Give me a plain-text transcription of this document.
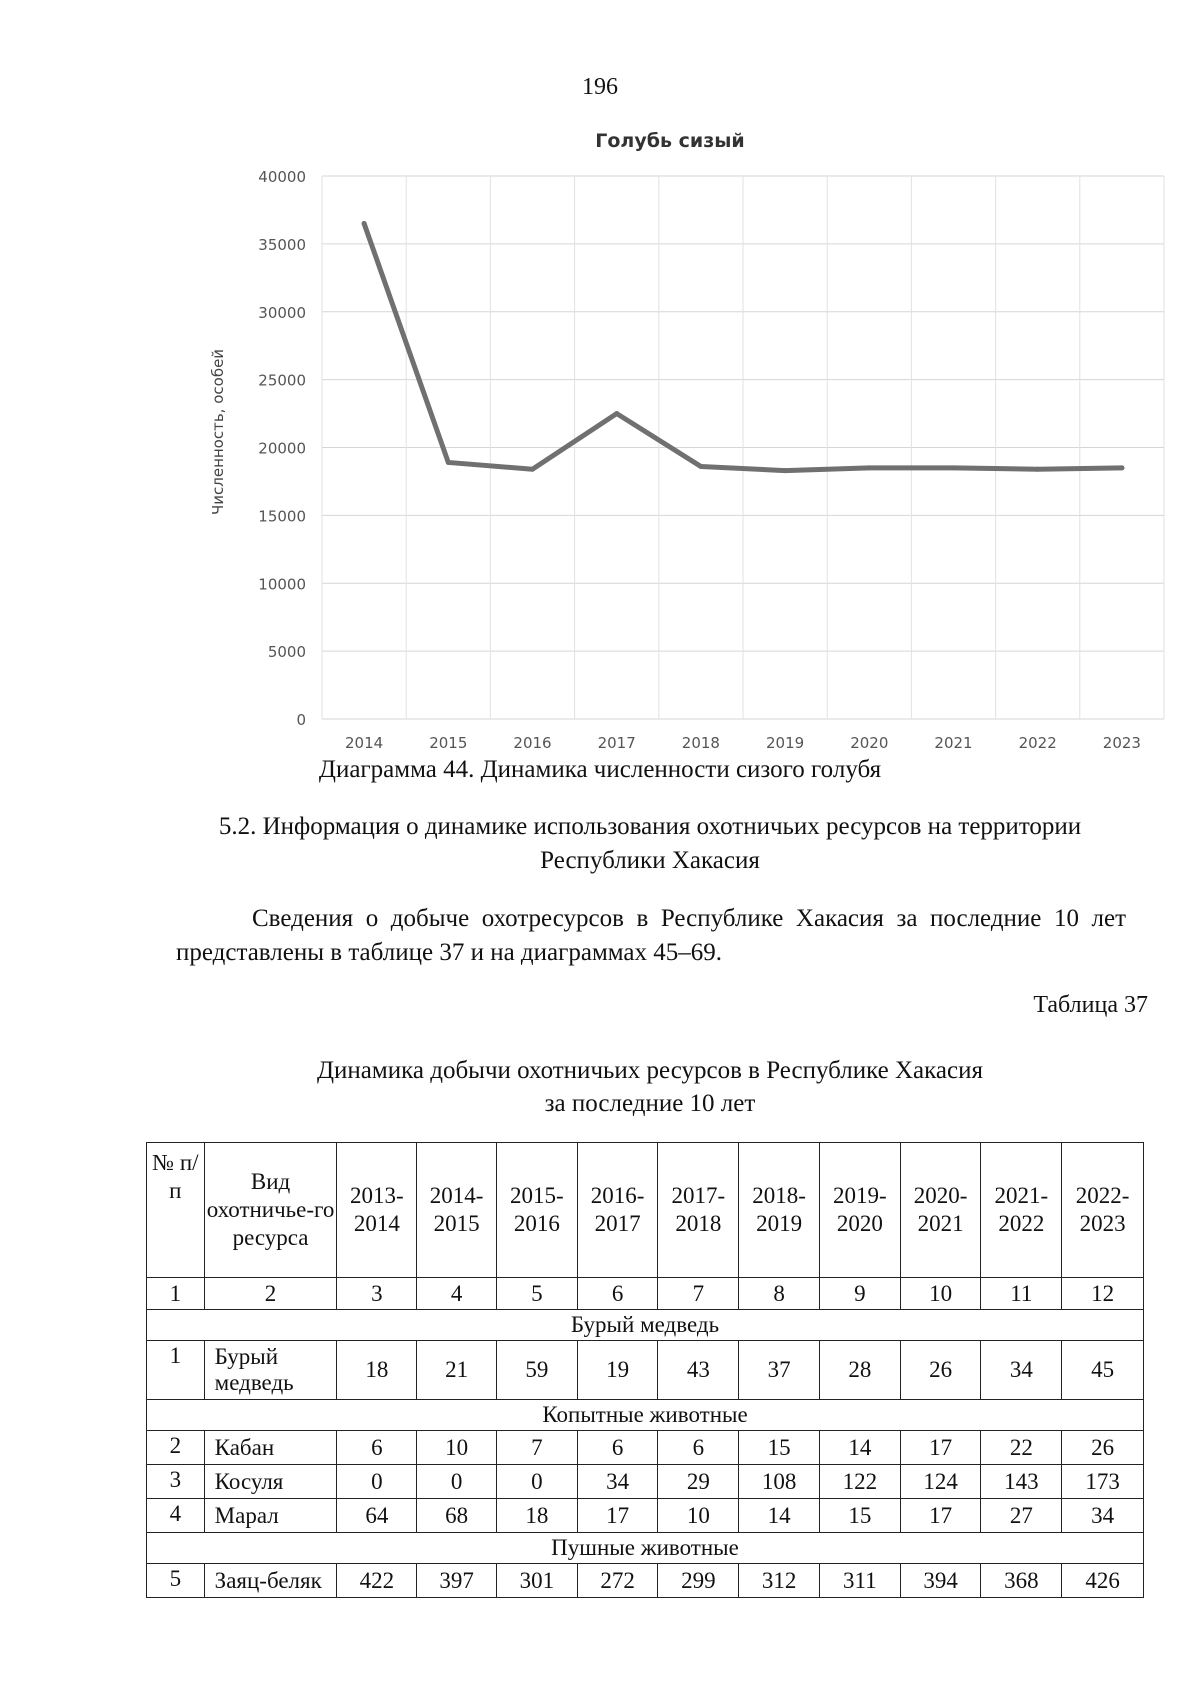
196
0
5000
10000
15000
20000
25000
30000
35000
40000
2014	2015	2016	2017	2018	2019	2020	2021	2022	2023
Голубь сизый
Численность, особей
Диаграмма 44. Динамика численности сизого голубя
5.2. Информация о динамике использования охотничьих ресурсов на территории Республики Хакасия
Сведения о добыче охотресурсов в Республике Хакасия за последние 10 лет представлены в таблице 37 и на диаграммах 45–69.
Таблица 37
Динамика добычи охотничьих ресурсов в Республике Хакасия
за последние 10 лет
№ п/п	Вид охотничье-го ресурса	2013-2014	2014-2015	2015-2016	2016-2017	2017-2018	2018-2019	2019-2020	2020-2021	2021-2022	2022-2023
1	2	3	4	5	6	7	8	9	10	11	12
Бурый медведь											
1	Бурый медведь	18	21	59	19	43	37	28	26	34	45
Копытные животные											
2	Кабан	6	10	7	6	6	15	14	17	22	26
3	Косуля	0	0	0	34	29	108	122	124	143	173
4	Марал	64	68	18	17	10	14	15	17	27	34
Пушные животные											
5	Заяц-беляк	422	397	301	272	299	312	311	394	368	426
